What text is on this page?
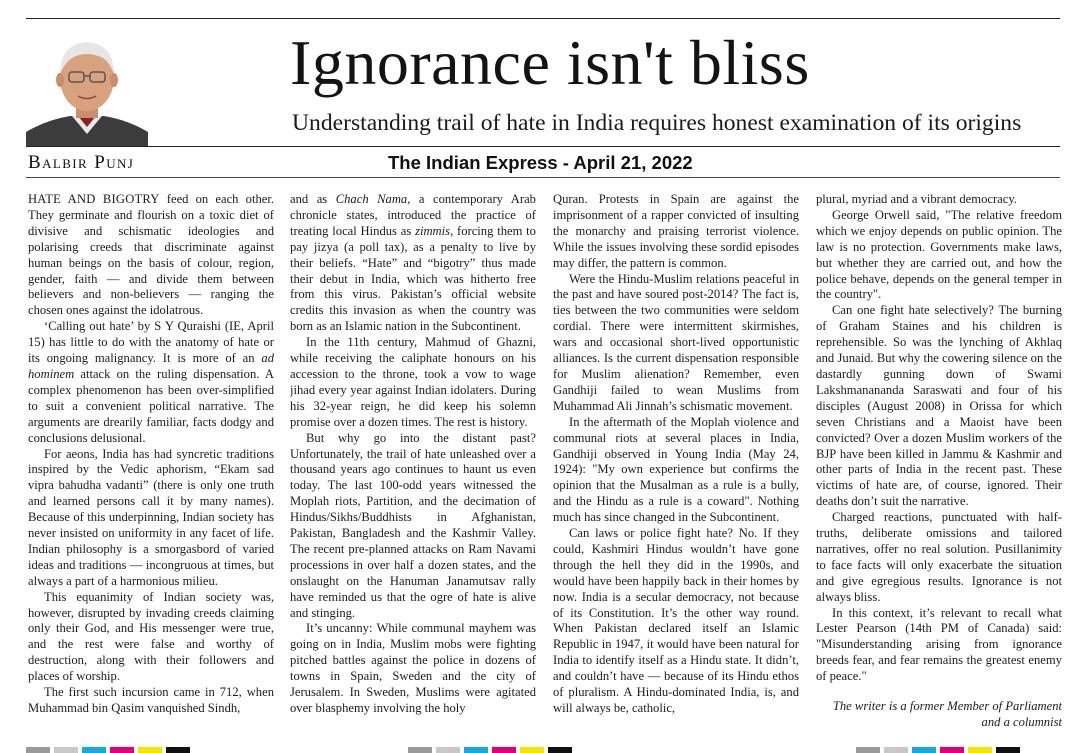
Ignorance isn't bliss
Understanding trail of hate in India requires honest examination of its origins
Balbir Punj	The Indian Express - April 21, 2022

HATE AND BIGOTRY feed on each other. They germinate and flourish on a toxic diet of divisive and schismatic ideologies and polarising creeds that discriminate against human beings on the basis of colour, region, gender, faith — and divide them between believers and non-believers — ranging the chosen ones against the idolatrous.

‘Calling out hate’ by S Y Quraishi (IE, April 15) has little to do with the anatomy of hate or its ongoing malignancy. It is more of an ad hominem attack on the ruling dispensation. A complex phenomenon has been over-simplified to suit a convenient political narrative. The arguments are drearily familiar, facts dodgy and conclusions delusional.

For aeons, India has had syncretic traditions inspired by the Vedic aphorism, “Ekam sad vipra bahudha vadanti” (there is only one truth and learned persons call it by many names). Because of this underpinning, Indian society has never insisted on uniformity in any facet of life. Indian philosophy is a smorgasbord of varied ideas and traditions — incongruous at times, but always a part of a harmonious milieu.

This equanimity of Indian society was, however, disrupted by invading creeds claiming only their God, and His messenger were true, and the rest were false and worthy of destruction, along with their followers and places of worship.

The first such incursion came in 712, when Muhammad bin Qasim vanquished Sindh,

and as Chach Nama, a contemporary Arab chronicle states, introduced the practice of treating local Hindus as zimmis, forcing them to pay jizya (a poll tax), as a penalty to live by their beliefs. “Hate” and “bigotry” thus made their debut in India, which was hitherto free from this virus. Pakistan’s official website credits this invasion as when the country was born as an Islamic nation in the Subcontinent.

In the 11th century, Mahmud of Ghazni, while receiving the caliphate honours on his accession to the throne, took a vow to wage jihad every year against Indian idolaters. During his 32-year reign, he did keep his solemn promise over a dozen times. The rest is history.

But why go into the distant past? Unfortunately, the trail of hate unleashed over a thousand years ago continues to haunt us even today. The last 100-odd years witnessed the Moplah riots, Partition, and the decimation of Hindus/Sikhs/Buddhists in Afghanistan, Pakistan, Bangladesh and the Kashmir Valley. The recent pre-planned attacks on Ram Navami processions in over half a dozen states, and the onslaught on the Hanuman Janamutsav rally have reminded us that the ogre of hate is alive and stinging.

It’s uncanny: While communal mayhem was going on in India, Muslim mobs were fighting pitched battles against the police in dozens of towns in Spain, Sweden and the city of Jerusalem. In Sweden, Muslims were agitated over blasphemy involving the holy

Quran. Protests in Spain are against the imprisonment of a rapper convicted of insulting the monarchy and praising terrorist violence. While the issues involving these sordid episodes may differ, the pattern is common.

Were the Hindu-Muslim relations peaceful in the past and have soured post-2014? The fact is, ties between the two communities were seldom cordial. There were intermittent skirmishes, wars and occasional short-lived opportunistic alliances. Is the current dispensation responsible for Muslim alienation? Remember, even Gandhiji failed to wean Muslims from Muhammad Ali Jinnah’s schismatic movement.

In the aftermath of the Moplah violence and communal riots at several places in India, Gandhiji observed in Young India (May 24, 1924): "My own experience but confirms the opinion that the Musalman as a rule is a bully, and the Hindu as a rule is a coward". Nothing much has since changed in the Subcontinent.

Can laws or police fight hate? No. If they could, Kashmiri Hindus wouldn’t have gone through the hell they did in the 1990s, and would have been happily back in their homes by now. India is a secular democracy, not because of its Constitution. It’s the other way round. When Pakistan declared itself an Islamic Republic in 1947, it would have been natural for India to identify itself as a Hindu state. It didn’t, and couldn’t have — because of its Hindu ethos of pluralism. A Hindu-dominated India, is, and will always be, catholic,

plural, myriad and a vibrant democracy.

George Orwell said, "The relative freedom which we enjoy depends on public opinion. The law is no protection. Governments make laws, but whether they are carried out, and how the police behave, depends on the general temper in the country".

Can one fight hate selectively? The burning of Graham Staines and his children is reprehensible. So was the lynching of Akhlaq and Junaid. But why the cowering silence on the dastardly gunning down of Swami Lakshmanananda Saraswati and four of his disciples (August 2008) in Orissa for which seven Christians and a Maoist have been convicted? Over a dozen Muslim workers of the BJP have been killed in Jammu & Kashmir and other parts of India in the recent past. These victims of hate are, of course, ignored. Their deaths don’t suit the narrative.

Charged reactions, punctuated with half-truths, deliberate omissions and tailored narratives, offer no real solution. Pusillanimity to face facts will only exacerbate the situation and give egregious results. Ignorance is not always bliss.

In this context, it’s relevant to recall what Lester Pearson (14th PM of Canada) said: "Misunderstanding arising from ignorance breeds fear, and fear remains the greatest enemy of peace."

The writer is a former Member of Parliament and a columnist
